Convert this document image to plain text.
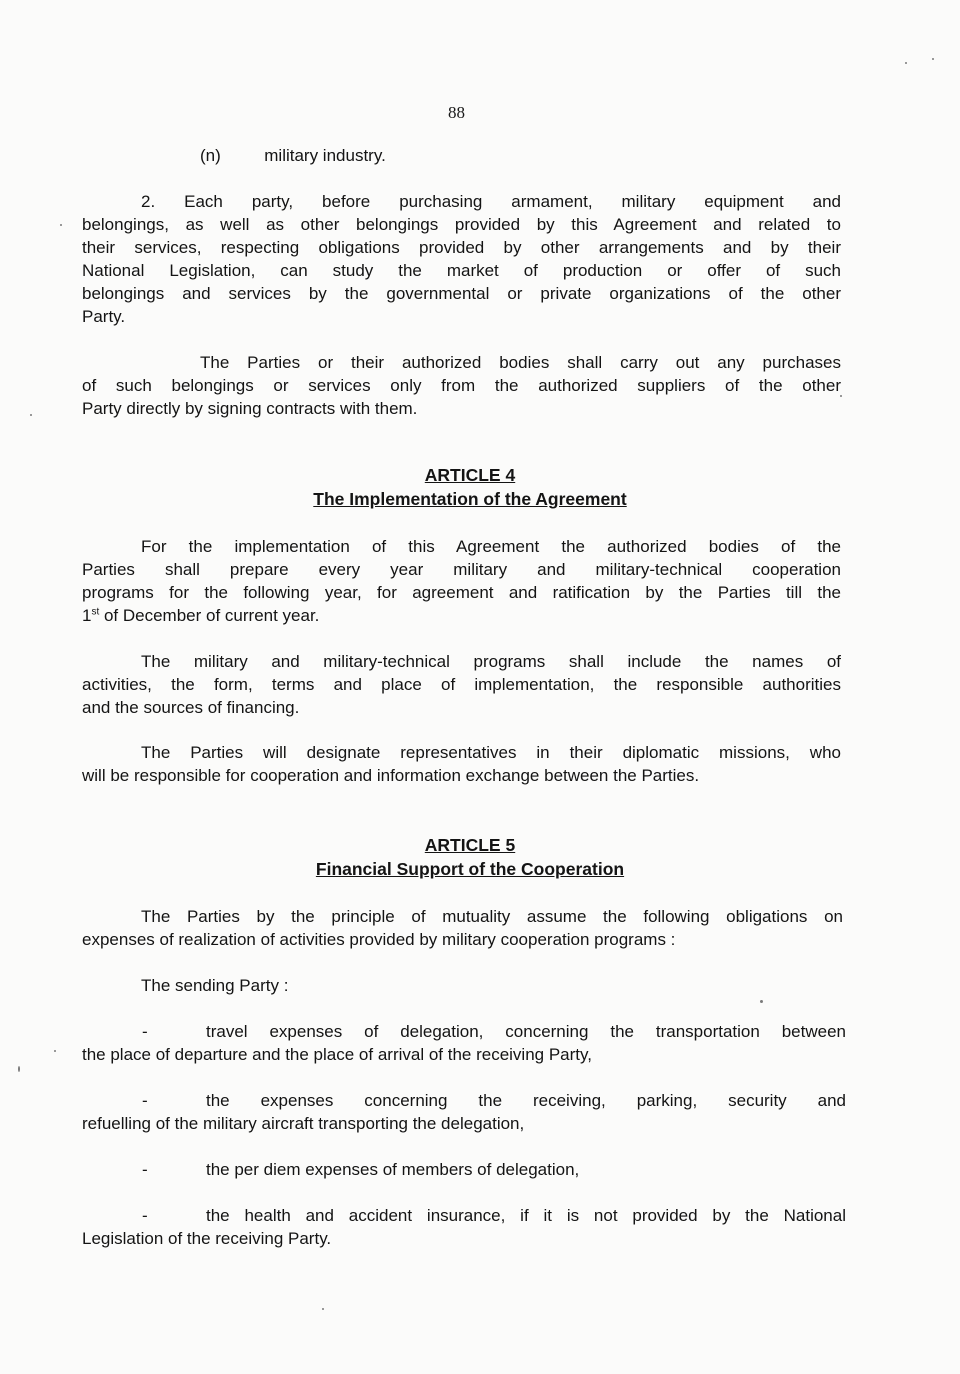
88
(n)	military industry.
2. Each party, before purchasing armament, military equipment and
belongings, as well as other belongings provided by this Agreement and related to
their services, respecting obligations provided by other arrangements and by their
National Legislation, can study the market of production or offer of such
belongings and services by the governmental or private organizations of the other
Party.
The Parties or their authorized bodies shall carry out any purchases
of such belongings or services only from the authorized suppliers of the other
Party directly by signing contracts with them.
ARTICLE 4
The Implementation of the Agreement
For the implementation of this Agreement the authorized bodies of the
Parties shall prepare every year military and military-technical cooperation
programs for the following year, for agreement and ratification by the Parties till the
1st of December of current year.
The military and military-technical programs shall include the names of
activities, the form, terms and place of implementation, the responsible authorities
and the sources of financing.
The Parties will designate representatives in their diplomatic missions, who
will be responsible for cooperation and information exchange between the Parties.
ARTICLE 5
Financial Support of the Cooperation
The Parties by the principle of mutuality assume the following obligations on
expenses of realization of activities provided by military cooperation programs :
The sending Party :
-	travel expenses of delegation, concerning the transportation between
the place of departure and the place of arrival of the receiving Party,
-	the expenses concerning the receiving, parking, security and
refuelling of the military aircraft transporting the delegation,
-	the per diem expenses of members of delegation,
-	the health and accident insurance, if it is not provided by the National
Legislation of the receiving Party.
